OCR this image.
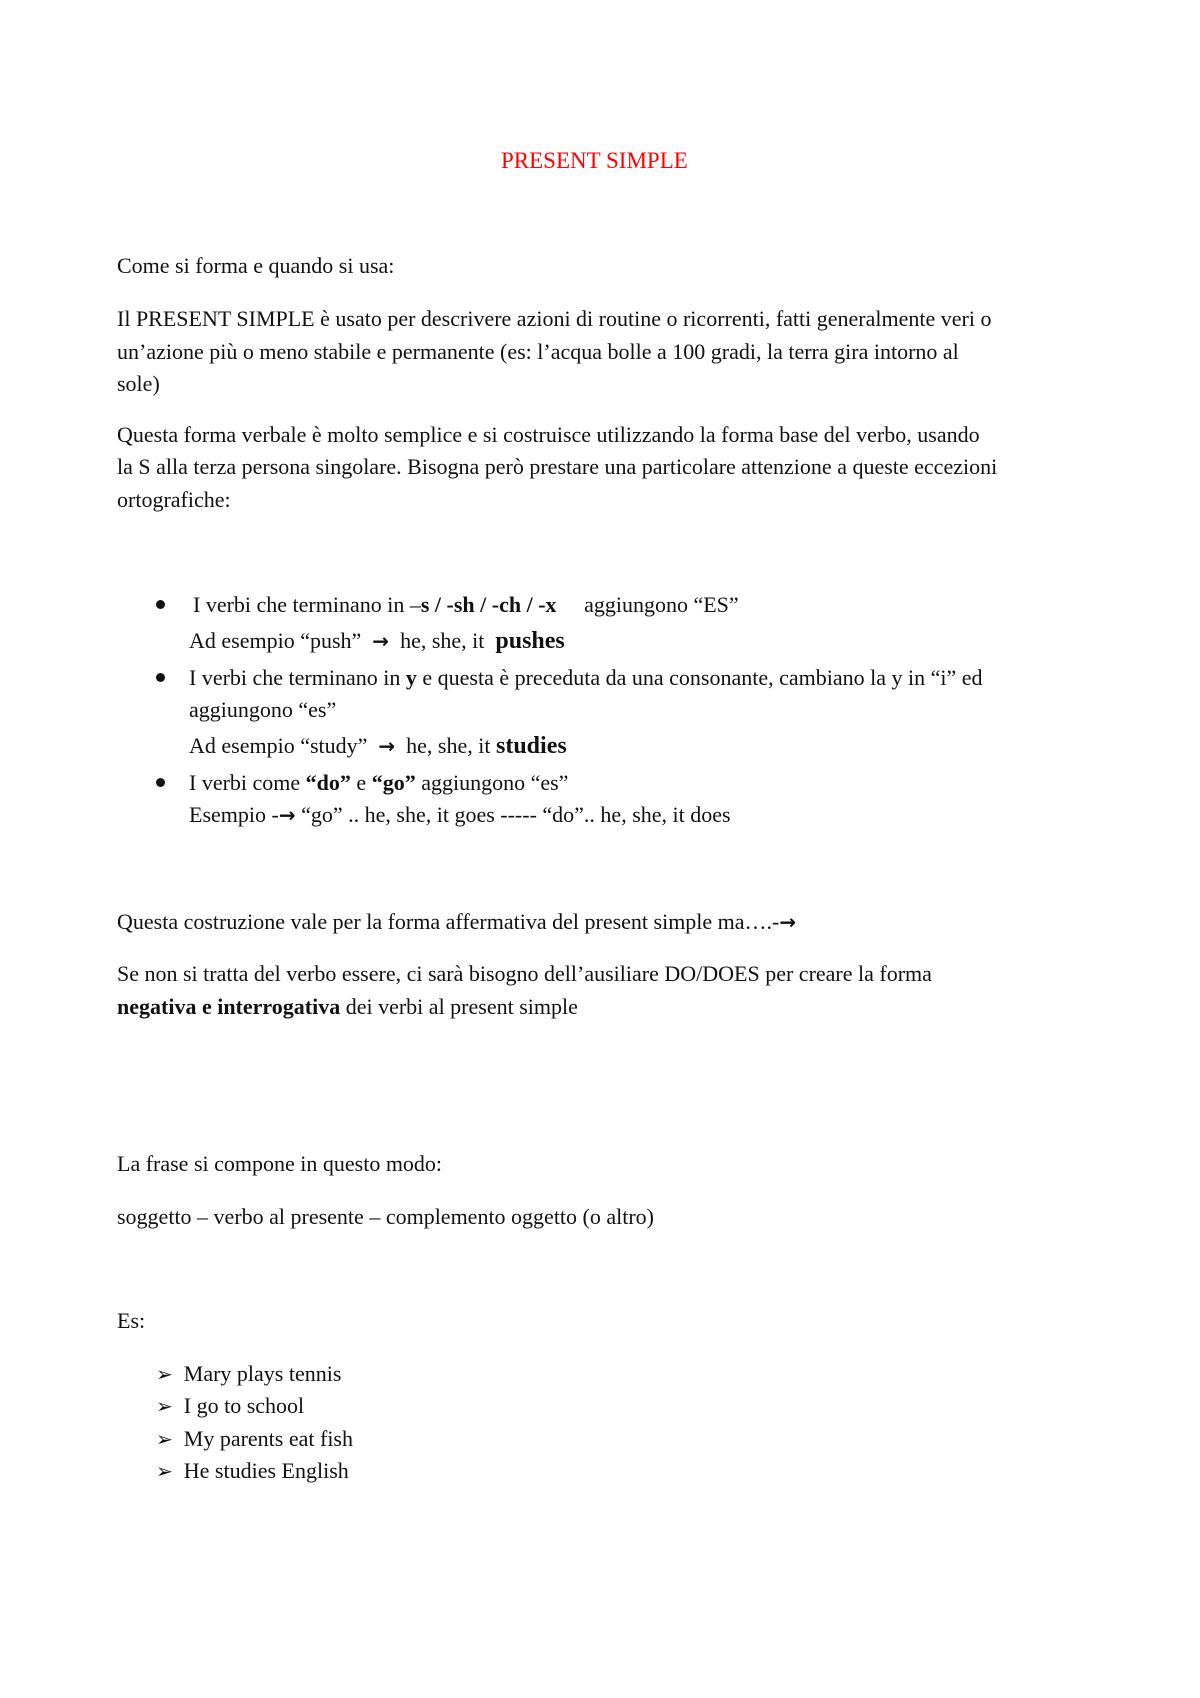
PRESENT SIMPLE
Come si forma e quando si usa:
Il PRESENT SIMPLE è usato per descrivere azioni di routine o ricorrenti, fatti generalmente veri o
un’azione più o meno stabile e permanente (es: l’acqua bolle a 100 gradi, la terra gira intorno al
sole)
Questa forma verbale è molto semplice e si costruisce utilizzando la forma base del verbo, usando
la S alla terza persona singolare. Bisogna però prestare una particolare attenzione a queste eccezioni
ortografiche:
I verbi che terminano in –s / -sh / -ch / -x aggiungono “ES”
Ad esempio “push” → he, she, it pushes
I verbi che terminano in y e questa è preceduta da una consonante, cambiano la y in “i” ed
aggiungono “es”
Ad esempio “study” → he, she, it studies
I verbi come “do” e “go” aggiungono “es”
Esempio -→ “go” .. he, she, it goes ----- “do”.. he, she, it does
Questa costruzione vale per la forma affermativa del present simple ma….-→
Se non si tratta del verbo essere, ci sarà bisogno dell’ausiliare DO/DOES per creare la forma
negativa e interrogativa dei verbi al present simple
La frase si compone in questo modo:
soggetto – verbo al presente – complemento oggetto (o altro)
Es:
➢ Mary plays tennis
➢ I go to school
➢ My parents eat fish
➢ He studies English
